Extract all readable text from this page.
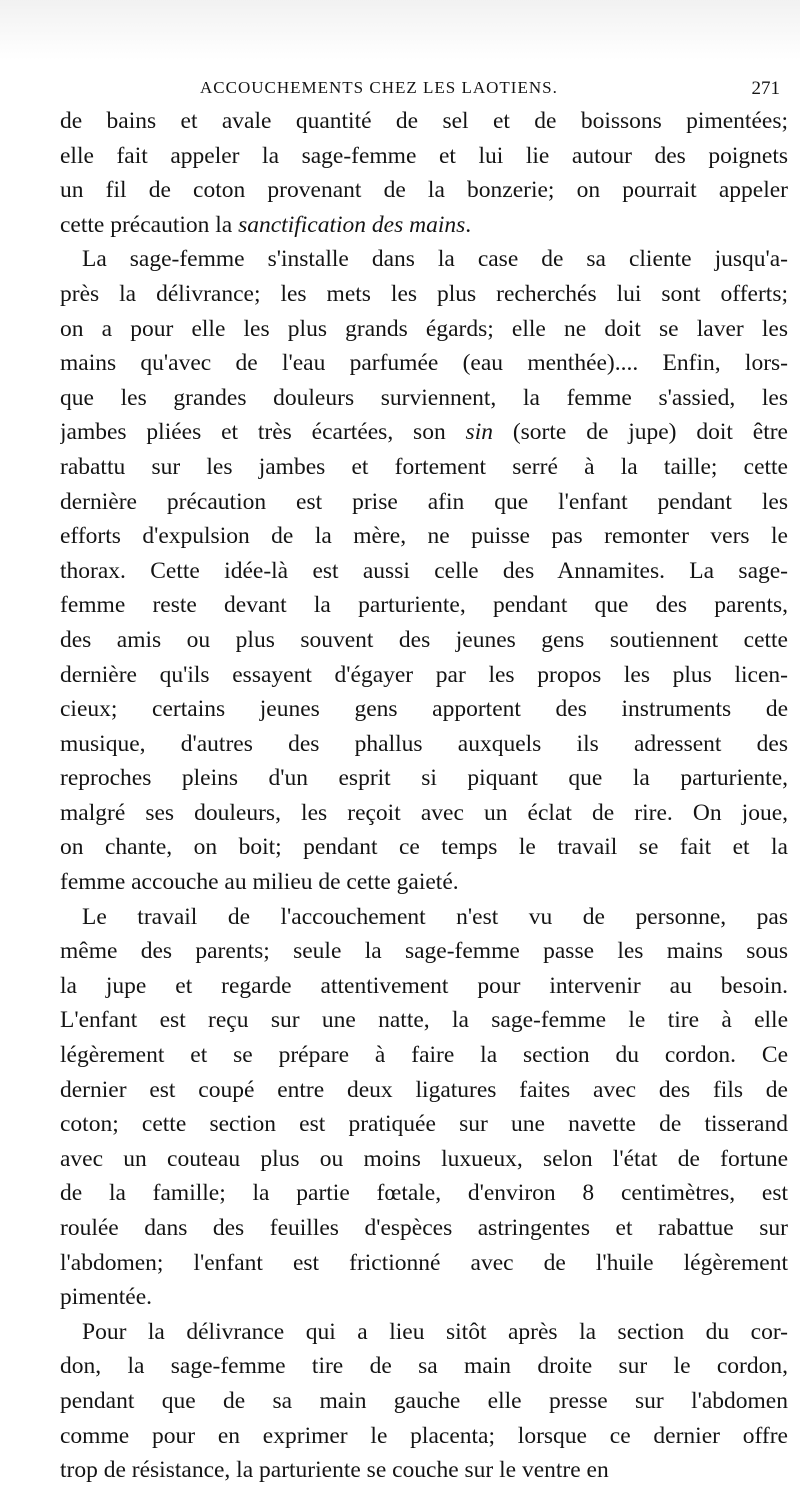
ACCOUCHEMENTS CHEZ LES LAOTIENS.	271
de bains et avale quantité de sel et de boissons pimentées;
elle fait appeler la sage-femme et lui lie autour des poignets
un fil de coton provenant de la bonzerie; on pourrait appeler
cette précaution la sanctification des mains.
La sage-femme s'installe dans la case de sa cliente jusqu'a-
près la délivrance; les mets les plus recherchés lui sont offerts;
on a pour elle les plus grands égards; elle ne doit se laver les
mains qu'avec de l'eau parfumée (eau menthée).... Enfin, lors-
que les grandes douleurs surviennent, la femme s'assied, les
jambes pliées et très écartées, son sin (sorte de jupe) doit être
rabattu sur les jambes et fortement serré à la taille; cette
dernière précaution est prise afin que l'enfant pendant les
efforts d'expulsion de la mère, ne puisse pas remonter vers le
thorax. Cette idée-là est aussi celle des Annamites. La sage-
femme reste devant la parturiente, pendant que des parents,
des amis ou plus souvent des jeunes gens soutiennent cette
dernière qu'ils essayent d'égayer par les propos les plus licen-
cieux; certains jeunes gens apportent des instruments de
musique, d'autres des phallus auxquels ils adressent des
reproches pleins d'un esprit si piquant que la parturiente,
malgré ses douleurs, les reçoit avec un éclat de rire. On joue,
on chante, on boit; pendant ce temps le travail se fait et la
femme accouche au milieu de cette gaieté.
Le travail de l'accouchement n'est vu de personne, pas
même des parents; seule la sage-femme passe les mains sous
la jupe et regarde attentivement pour intervenir au besoin.
L'enfant est reçu sur une natte, la sage-femme le tire à elle
légèrement et se prépare à faire la section du cordon. Ce
dernier est coupé entre deux ligatures faites avec des fils de
coton; cette section est pratiquée sur une navette de tisserand
avec un couteau plus ou moins luxueux, selon l'état de fortune
de la famille; la partie fœtale, d'environ 8 centimètres, est
roulée dans des feuilles d'espèces astringentes et rabattue sur
l'abdomen; l'enfant est frictionné avec de l'huile légèrement
pimentée.
Pour la délivrance qui a lieu sitôt après la section du cor-
don, la sage-femme tire de sa main droite sur le cordon,
pendant que de sa main gauche elle presse sur l'abdomen
comme pour en exprimer le placenta; lorsque ce dernier offre
trop de résistance, la parturiente se couche sur le ventre en
